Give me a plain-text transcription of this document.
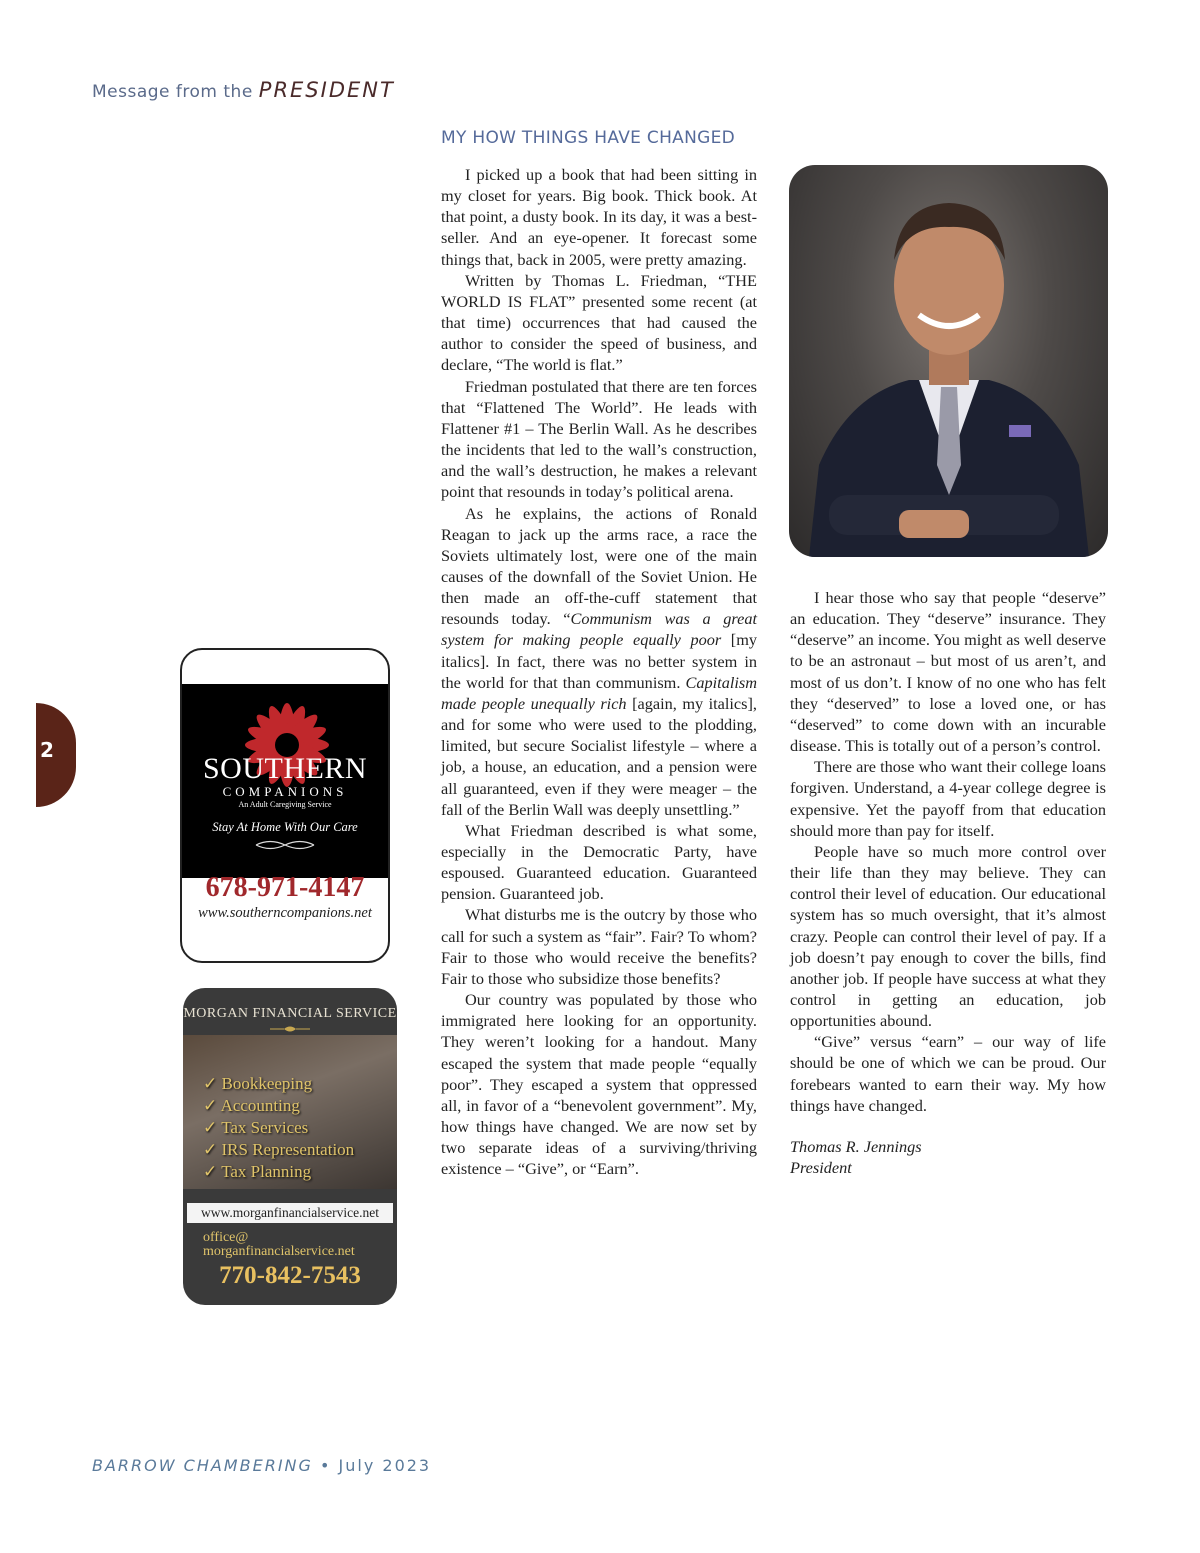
Message from the PRESIDENT
MY HOW THINGS HAVE CHANGED

I picked up a book that had been sitting in my closet for years. Big book. Thick book. At that point, a dusty book. In its day, it was a best-seller. And an eye-opener. It forecast some things that, back in 2005, were pretty amazing.

Written by Thomas L. Friedman, “THE WORLD IS FLAT” presented some recent (at that time) occurrences that had caused the author to consider the speed of business, and declare, “The world is flat.”

Friedman postulated that there are ten forces that “Flattened The World”. He leads with Flattener #1 – The Berlin Wall. As he describes the incidents that led to the wall’s construction, and the wall’s destruction, he makes a relevant point that resounds in today’s political arena.

As he explains, the actions of Ronald Reagan to jack up the arms race, a race the Soviets ultimately lost, were one of the main causes of the downfall of the Soviet Union. He then made an off-the-cuff statement that resounds today. “Communism was a great system for making people equally poor [my italics]. In fact, there was no better system in the world for that than communism. Capitalism made people unequally rich [again, my italics], and for some who were used to the plodding, limited, but secure Socialist lifestyle – where a job, a house, an education, and a pension were all guaranteed, even if they were meager – the fall of the Berlin Wall was deeply unsettling.”

What Friedman described is what some, especially in the Democratic Party, have espoused. Guaranteed education. Guaranteed pension. Guaranteed job.

What disturbs me is the outcry by those who call for such a system as “fair”. Fair? To whom? Fair to those who would receive the benefits? Fair to those who subsidize those benefits?

Our country was populated by those who immigrated here looking for an opportunity. They weren’t looking for a handout. Many escaped the system that made people “equally poor”. They escaped a system that oppressed all, in favor of a “benevolent government”. My, how things have changed. We are now set by two separate ideas of a surviving/thriving existence – “Give”, or “Earn”.

I hear those who say that people “deserve” an education. They “deserve” insurance. They “deserve” an income. You might as well deserve to be an astronaut – but most of us aren’t, and most of us don’t. I know of no one who has felt they “deserved” to lose a loved one, or has “deserved” to come down with an incurable disease. This is totally out of a person’s control.

There are those who want their college loans forgiven. Understand, a 4-year college degree is expensive. Yet the payoff from that education should more than pay for itself.

People have so much more control over their life than they may believe. They can control their level of education. Our educational system has so much oversight, that it’s almost crazy. People can control their level of pay. If a job doesn’t pay enough to cover the bills, find another job. If people have success at what they control in getting an education, job opportunities abound.

“Give” versus “earn” – our way of life should be one of which we can be proud. Our forebears wanted to earn their way. My how things have changed.

Thomas R. Jennings

President

2
SOUTHERN
COMPANIONS
An Adult Caregiving Service
Stay At Home With Our Care
678-971-4147
www.southerncompanions.net
MORGAN FINANCIAL SERVICE
✓ Bookkeeping
✓ Accounting
✓ Tax Services
✓ IRS Representation
✓ Tax Planning
www.morganfinancialservice.net
office@
morganfinancialservice.net
770-842-7543
BARROW CHAMBERING • July 2023
